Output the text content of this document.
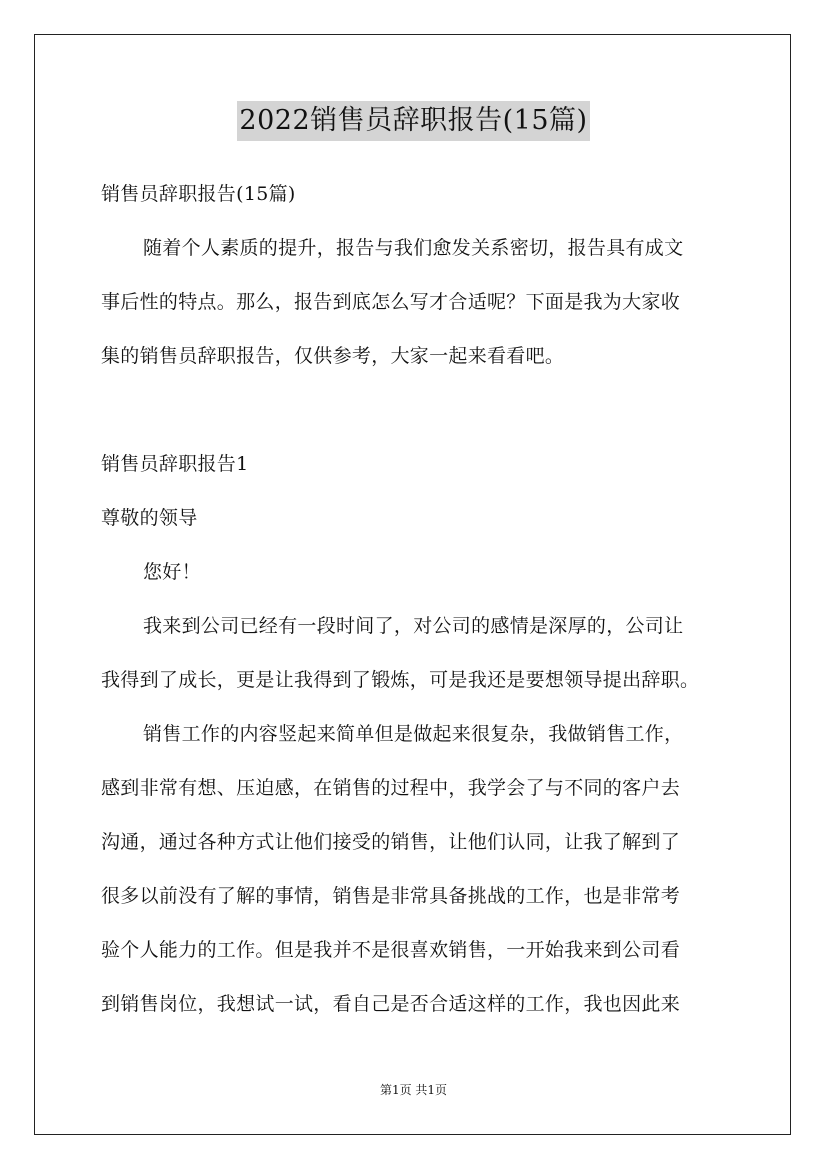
2022销售员辞职报告(15篇)
销售员辞职报告(15篇)
随着个人素质的提升，报告与我们愈发关系密切，报告具有成文
事后性的特点。那么，报告到底怎么写才合适呢？下面是我为大家收
集的销售员辞职报告，仅供参考，大家一起来看看吧。
销售员辞职报告1
尊敬的领导
您好！
我来到公司已经有一段时间了，对公司的感情是深厚的，公司让
我得到了成长，更是让我得到了锻炼，可是我还是要想领导提出辞职。
销售工作的内容竖起来简单但是做起来很复杂，我做销售工作，
感到非常有想、压迫感，在销售的过程中，我学会了与不同的客户去
沟通，通过各种方式让他们接受的销售，让他们认同，让我了解到了
很多以前没有了解的事情，销售是非常具备挑战的工作，也是非常考
验个人能力的工作。但是我并不是很喜欢销售，一开始我来到公司看
到销售岗位，我想试一试，看自己是否合适这样的工作，我也因此来
第1页 共1页
